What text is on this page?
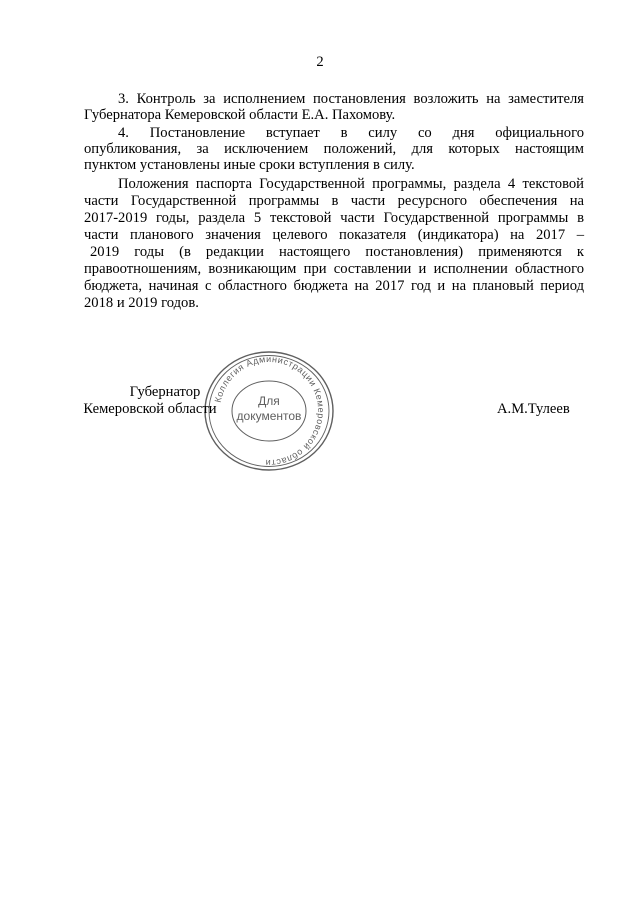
2
3. Контроль за исполнением постановления возложить на заместителя
Губернатора Кемеровской области Е.А. Пахомову.
4. Постановление вступает в силу со дня официального
опубликования, за исключением положений, для которых настоящим
пунктом установлены иные сроки вступления в силу.
Положения паспорта Государственной программы, раздела 4 текстовой
части Государственной программы в части ресурсного обеспечения на
2017-2019 годы, раздела 5 текстовой части Государственной программы в
части планового значения целевого показателя (индикатора) на 2017 –
2019 годы (в редакции настоящего постановления) применяются к
правоотношениям, возникающим при составлении и исполнении областного
бюджета, начиная с областного бюджета на 2017 год и на плановый период
2018 и 2019 годов.
Коллегия Администрации Кемеровской области
Для
документов
Губернатор
Кемеровской области	А.М.Тулеев
